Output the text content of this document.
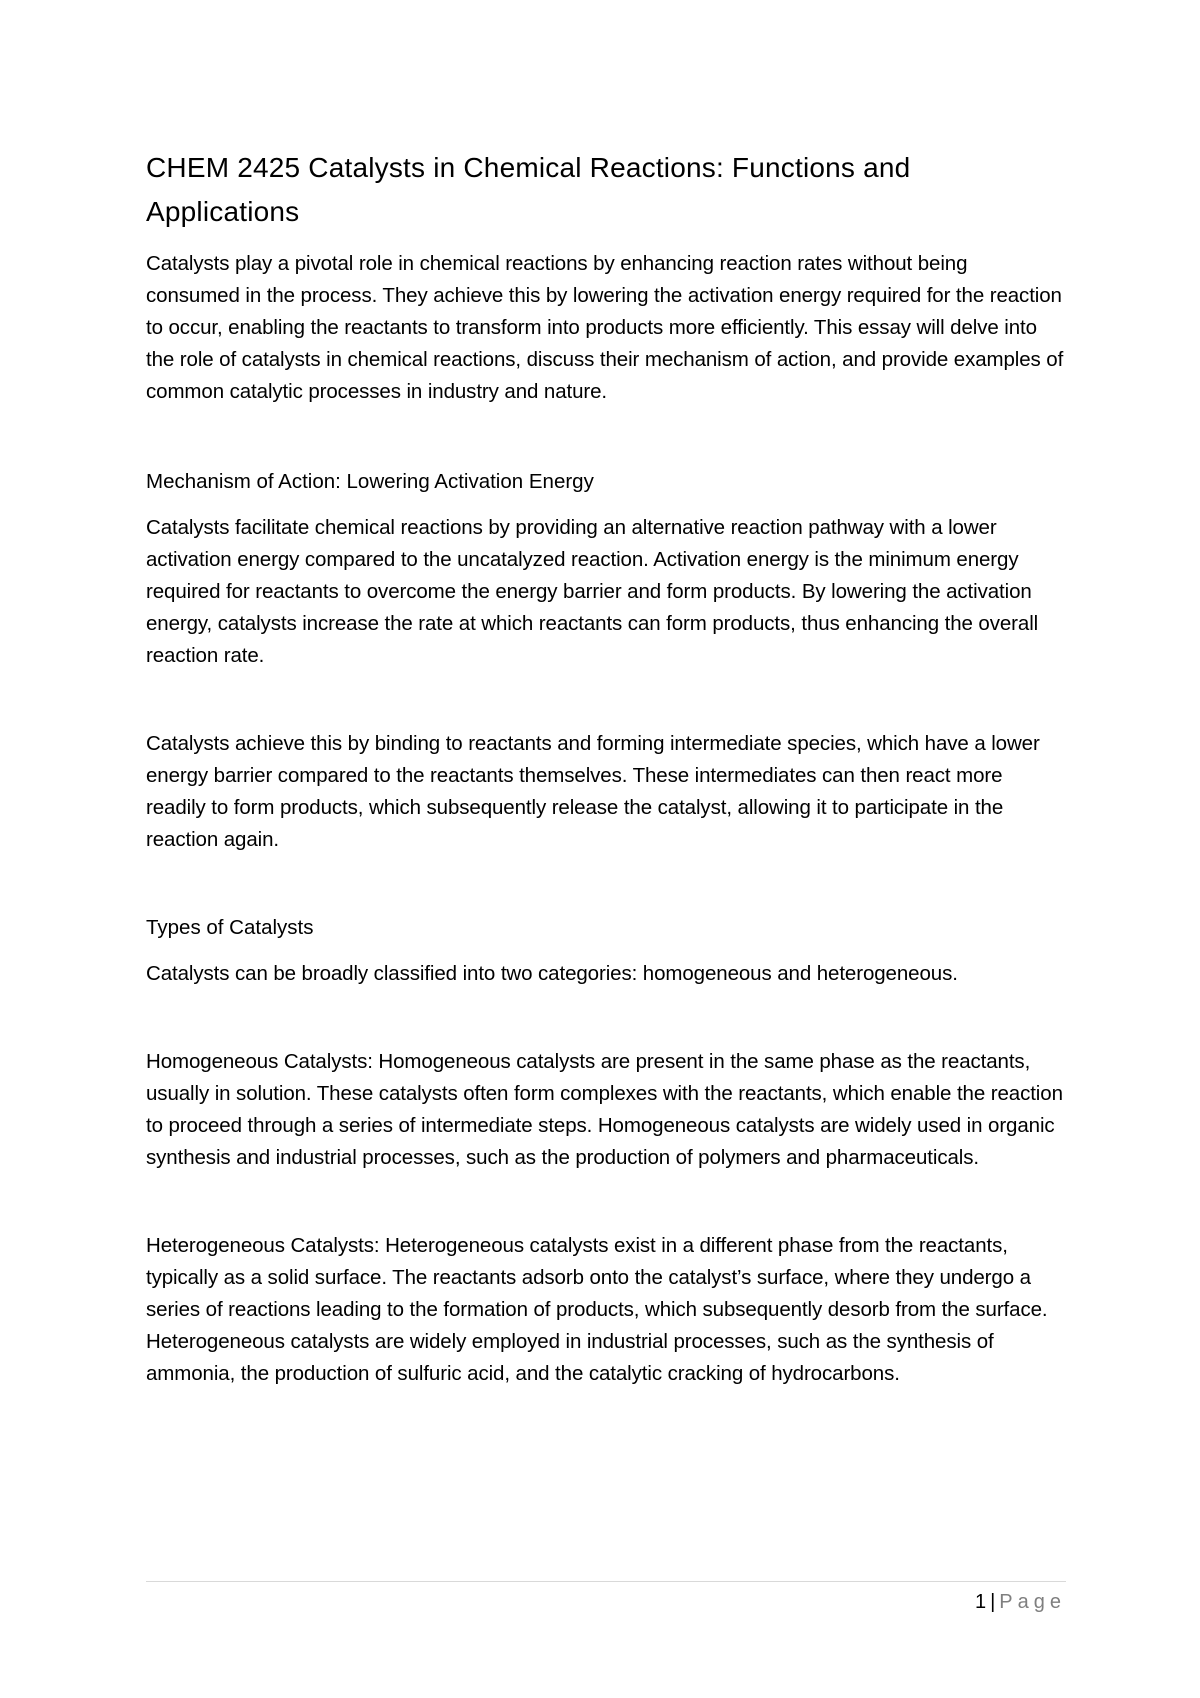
CHEM 2425 Catalysts in Chemical Reactions: Functions and Applications

Catalysts play a pivotal role in chemical reactions by enhancing reaction rates without being consumed in the process. They achieve this by lowering the activation energy required for the reaction to occur, enabling the reactants to transform into products more efficiently. This essay will delve into the role of catalysts in chemical reactions, discuss their mechanism of action, and provide examples of common catalytic processes in industry and nature.

Mechanism of Action: Lowering Activation Energy

Catalysts facilitate chemical reactions by providing an alternative reaction pathway with a lower activation energy compared to the uncatalyzed reaction. Activation energy is the minimum energy required for reactants to overcome the energy barrier and form products. By lowering the activation energy, catalysts increase the rate at which reactants can form products, thus enhancing the overall reaction rate.

Catalysts achieve this by binding to reactants and forming intermediate species, which have a lower energy barrier compared to the reactants themselves. These intermediates can then react more readily to form products, which subsequently release the catalyst, allowing it to participate in the reaction again.

Types of Catalysts

Catalysts can be broadly classified into two categories: homogeneous and heterogeneous.

Homogeneous Catalysts: Homogeneous catalysts are present in the same phase as the reactants, usually in solution. These catalysts often form complexes with the reactants, which enable the reaction to proceed through a series of intermediate steps. Homogeneous catalysts are widely used in organic synthesis and industrial processes, such as the production of polymers and pharmaceuticals.

Heterogeneous Catalysts: Heterogeneous catalysts exist in a different phase from the reactants, typically as a solid surface. The reactants adsorb onto the catalyst’s surface, where they undergo a series of reactions leading to the formation of products, which subsequently desorb from the surface. Heterogeneous catalysts are widely employed in industrial processes, such as the synthesis of ammonia, the production of sulfuric acid, and the catalytic cracking of hydrocarbons.

1 | Page
